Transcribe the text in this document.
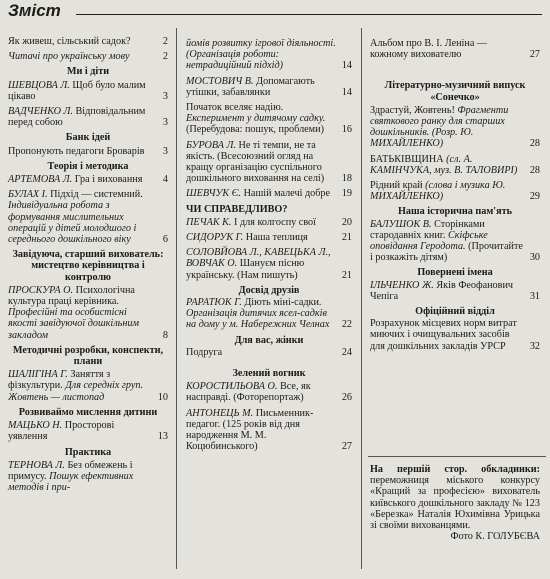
Зміст
Як живеш, сільський садок?	2
Читачі про українську мову	2
Ми і діти
ШЕВЦОВА Л. Щоб було малим цікаво	3
ВАДЧЕНКО Л. Відповідальним перед собою	3
Банк ідей
Пропонують педагоги Броварів	3
Теорія і методика
АРТЕМОВА Л. Гра і виховання	4
БУЛАХ І. Підхід — системний. Індивідуальна робота з формування мислительних операцій у дітей молодшого і середнього дошкільного віку	6
Завідуюча, старший вихователь: мистецтво керівництва і контролю
ПРОСКУРА О. Психологічна культура праці керівника. Професійні та особистісні якості завідуючої дошкільним закладом	8
Методичні розробки, конспекти, плани
ШАЛІГІНА Г. Заняття з фізкультури. Для середніх груп. Жовтень — листопад	10
Розвиваймо мислення дитини
МАЦЬКО Н. Просторові уявлення	13
Практика
ТЕРНОВА Л. Без обмежень і примусу. Пошук ефективних методів і при-
йомів розвитку ігрової діяльності. (Організація роботи: нетрадиційний підхід)	14
МОСТОВИЧ В. Допомагають утішки, забавлянки	14
Початок вселяє надію. Експеримент у дитячому садку. (Перебудова: пошук, проблеми)	16
БУРОВА Л. Не ті темпи, не та якість. (Всесоюзний огляд на кращу організацію суспільного дошкільного виховання на селі)	18
ШЕВЧУК Є. Нашій малечі добре	19
ЧИ СПРАВЕДЛИВО?
ПЕЧАК К. І для колгоспу свої	20
СИДОРУК Г. Наша теплиця	21
СОЛОВЙОВА Л., КАВЕЦЬКА Л., ВОВЧАК О. Шануєм пісню українську. (Нам пишуть)	21
Досвід друзів
РАРАТЮК Г. Діють міні-садки. Організація дитячих ясел-садків на дому у м. Набережних Челнах	22
Для вас, жінки
Подруга	24
Зелений вогник
КОРОСТИЛЬОВА О. Все, як насправді. (Фоторепортаж)	26
АНТОНЕЦЬ М. Письменник-педагог. (125 років від дня народження М. М. Коцюбинського)	27
Альбом про В. І. Леніна — кожному вихователю	27
Літературно-музичний випуск «Сонечко»
Здрастуй, Жовтень! Фрагменти святкового ранку для старших дошкільників. (Розр. Ю. МИХАЙЛЕНКО)	28
БАТЬКІВЩИНА (сл. А. КАМІНЧУКА, муз. В. ТАЛОВИРІ)	28
Рідний край (слова і музика Ю. МИХАЙЛЕНКО)	29
Наша історична пам'ять
БАЛУШОК В. Сторінками стародавніх книг. Скіфське оповідання Геродота. (Прочитайте і розкажіть дітям)	30
Повернені імена
ІЛЬЧЕНКО Ж. Яків Феофанович Чепіга	31
Офіційний відділ
Розрахунок місцевих норм витрат миючих і очищувальних засобів для дошкільних закладів УРСР	32
На першій стор. обкладинки: переможниця міського конкурсу «Кращий за професією» вихователь київського дошкільного закладу № 123 «Березка» Наталія Юхимівна Урицька зі своїми вихованцями.
Фото К. ГОЛУБЄВА
